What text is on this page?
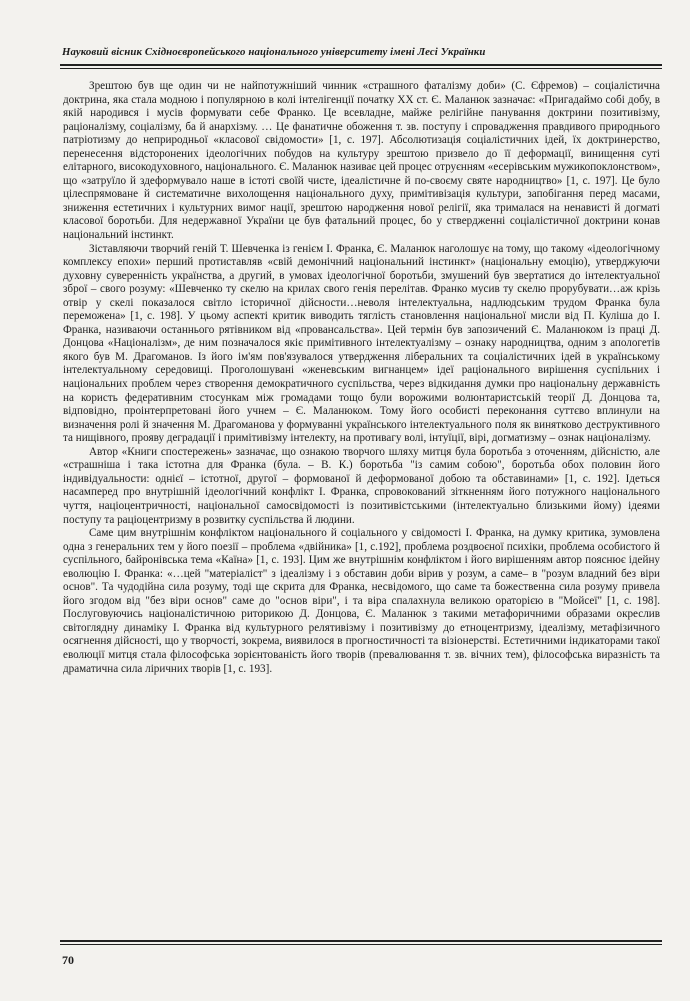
Науковий вісник Східноєвропейського національного університету імені Лесі Українки

Зрештою був ще один чи не найпотужніший чинник «страшного фаталізму доби» (С. Єфремов) – соціалістична доктрина, яка стала модною і популярною в колі інтелігенції початку XX ст. Є. Маланюк зазначає: «Пригадаймо собі добу, в якій народився і мусів формувати себе Франко. Це всевладне, майже релігійне панування доктрини позитивізму, раціоналізму, соціалізму, ба й анархізму. … Це фанатичне обоження т. зв. поступу і спровадження правдивого природнього патріотизму до неприродньої «класової свідомости» [1, с. 197]. Абсолютизація соціалістичних ідей, їх доктринерство, перенесення відсторонених ідеологічних побудов на культуру зрештою призвело до її деформації, винищення суті елітарного, високодуховного, національного. Є. Маланюк називає цей процес отруєнням «есерівським мужикопоклонством», що «затруїло й здеформувало наше в істоті своїй чисте, ідеалістичне й по-своєму святе народництво» [1, с. 197]. Це було цілеспрямоване й систематичне вихолощення національного духу, примітивізація культури, запобігання перед масами, зниження естетичних і культурних вимог нації, зрештою народження нової релігії, яка трималася на ненависті й догматі класової боротьби. Для недержавної України це був фатальний процес, бо у ствердженні соціалістичної доктрини конав національний інстинкт.

Зіставляючи творчий геній Т. Шевченка із генієм І. Франка, Є. Маланюк наголошує на тому, що такому «ідеологічному комплексу епохи» перший протиставляв «свій демонічний національний інстинкт» (національну емоцію), утверджуючи духовну суверенність українства, а другий, в умовах ідеологічної боротьби, змушений був звертатися до інтелектуальної зброї – свого розуму: «Шевченко ту скелю на крилах свого генія перелітав. Франко мусив ту скелю прорубувати…аж крізь отвір у скелі показалося світло історичної дійсности…неволя інтелектуальна, надлюдським трудом Франка була переможена» [1, с. 198]. У цьому аспекті критик виводить тяглість становлення національної мисли від П. Куліша до І. Франка, називаючи останнього рятівником від «провансальства». Цей термін був запозичений Є. Маланюком із праці Д. Донцова «Націоналізм», де ним позначалося якіє примітивного інтелектуалізму – ознаку народництва, одним з апологетів якого був М. Драгоманов. Із його ім'ям пов'язувалося утвердження ліберальних та соціалістичних ідей в українському інтелектуальному середовищі. Проголошувані «женевським вигнанцем» ідеї раціонального вирішення суспільних і національних проблем через створення демократичного суспільства, через відкидання думки про національну державність на користь федеративним стосункам між громадами тощо були ворожими волюнтаристській теорії Д. Донцова та, відповідно, проінтерпретовані його учнем – Є. Маланюком. Тому його особисті переконання суттєво вплинули на визначення ролі й значення М. Драгоманова у формуванні українського інтелектуального поля як винятково деструктивного та нищівного, прояву деградації і примітивізму інтелекту, на противагу волі, інтуїції, вірі, догматизму – ознак націоналізму.

Автор «Книги спостережень» зазначає, що ознакою творчого шляху митця була боротьба з оточенням, дійсністю, але «страшніша і така істотна для Франка (була. – В. К.) боротьба "із самим собою", боротьба обох половин його індивідуальности: однієї – істотної, другої – формованої й деформованої добою та обставинами» [1, с. 192]. Ідеться насамперед про внутрішній ідеологічний конфлікт І. Франка, спровокований зіткненням його потужного національного чуття, націоцентричності, національної самосвідомості із позитивістськими (інтелектуально близькими йому) ідеями поступу та раціоцентризму в розвитку суспільства й людини.

Саме цим внутрішнім конфліктом національного й соціального у свідомості І. Франка, на думку критика, зумовлена одна з генеральних тем у його поезії – проблема «двійника» [1, с.192], проблема роздвоєної психіки, проблема особистого й суспільного, байронівська тема «Каїна» [1, с. 193]. Цим же внутрішнім конфліктом і його вирішенням автор пояснює ідейну еволюцію І. Франка: «…цей "матеріаліст" з ідеалізму і з обставин доби вірив у розум, а саме– в "розум владний без віри основ". Та чудодійна сила розуму, тоді ще скрита для Франка, несвідомого, що саме та божественна сила розуму привела його згодом від "без віри основ" саме до "основ віри", і та віра спалахнула великою ораторією в "Мойсеї" [1, с. 198]. Послуговуючись націоналістичною риторикою Д. Донцова, Є. Маланюк з такими метафоричними образами окреслив світоглядну динаміку І. Франка від культурного релятивізму і позитивізму до етноцентризму, ідеалізму, метафізичного осягнення дійсності, що у творчості, зокрема, виявилося в прогностичності та візіонерстві. Естетичними індикаторами такої еволюції митця стала філософська зорієнтованість його творів (превалювання т. зв. вічних тем), філософська виразність та драматична сила ліричних творів [1, с. 193].

70
